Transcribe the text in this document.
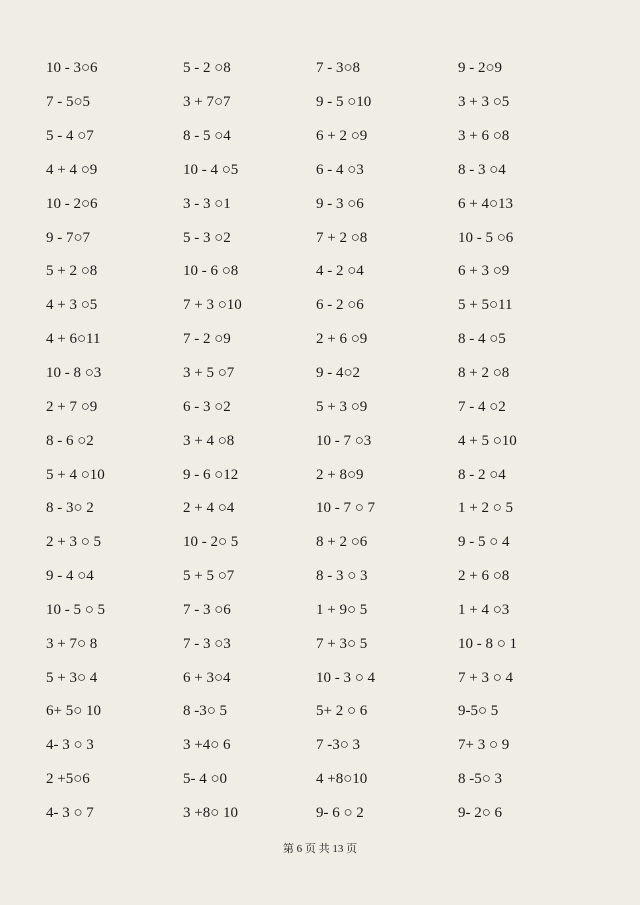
10 - 3○6	5 - 2 ○8	7 - 3○8	9 - 2○9
7 - 5○5	3 + 7○7	9 - 5 ○10	3 + 3 ○5
5 - 4 ○7	8 - 5 ○4	6 + 2 ○9	3 + 6 ○8
4 + 4 ○9	10 - 4 ○5	6 - 4 ○3	8 - 3 ○4
10 - 2○6	3 - 3 ○1	9 - 3 ○6	6 + 4○13
9 - 7○7	5 - 3 ○2	7 + 2 ○8	10 - 5 ○6
5 + 2 ○8	10 - 6 ○8	4 - 2 ○4	6 + 3 ○9
4 + 3 ○5	7 + 3 ○10	6 - 2 ○6	5 + 5○11
4 + 6○11	7 - 2 ○9	2 + 6 ○9	8 - 4 ○5
10 - 8 ○3	3 + 5 ○7	9 - 4○2	8 + 2 ○8
2 + 7 ○9	6 - 3 ○2	5 + 3 ○9	7 - 4 ○2
8 - 6 ○2	3 + 4 ○8	10 - 7 ○3	4 + 5 ○10
5 + 4 ○10	9 - 6 ○12	2 + 8○9	8 - 2 ○4
8 - 3○ 2	2 + 4 ○4	10 - 7 ○ 7	1 + 2 ○ 5
2 + 3 ○ 5	10 - 2○ 5	8 + 2 ○6	9 - 5 ○ 4
9 - 4 ○4	5 + 5 ○7	8 - 3 ○ 3	2 + 6 ○8
10 - 5 ○ 5	7 - 3 ○6	1 + 9○ 5	1 + 4 ○3
3 + 7○ 8	7 - 3 ○3	7 + 3○ 5	10 - 8 ○ 1
5 + 3○ 4	6 + 3○4	10 - 3 ○ 4	7 + 3 ○ 4
6+ 5○ 10	8 -3○ 5	5+ 2 ○ 6	9-5○ 5
4- 3 ○ 3	3 +4○ 6	7 -3○ 3	7+ 3 ○ 9
2 +5○6	5- 4 ○0	4 +8○10	8 -5○ 3
4- 3 ○ 7	3 +8○ 10	9- 6 ○ 2	9- 2○ 6
第 6 页 共 13 页
